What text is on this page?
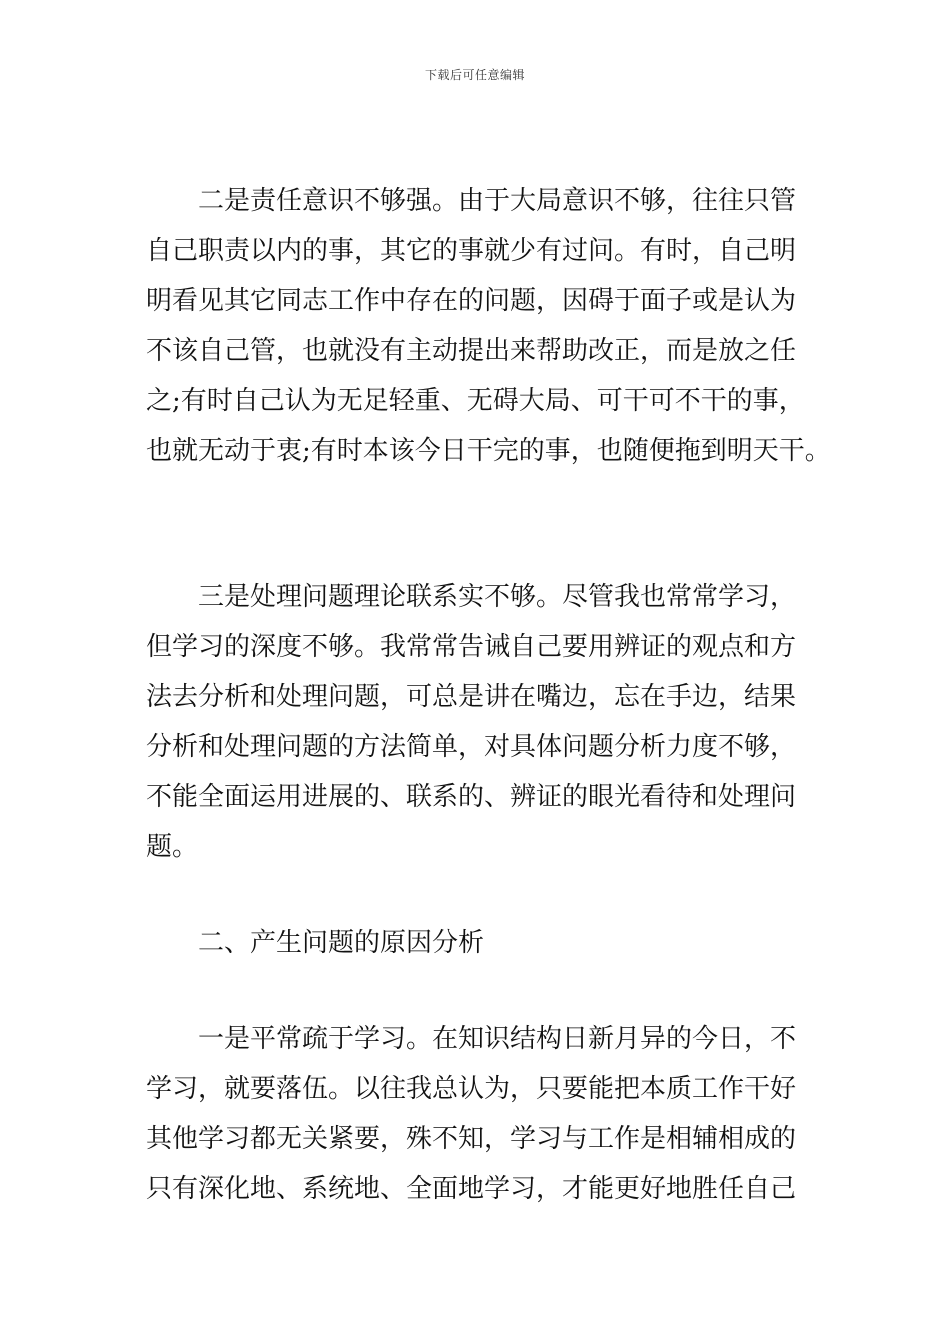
下载后可任意编辑
二是责任意识不够强。由于大局意识不够，往往只管
自己职责以内的事，其它的事就少有过问。有时，自己明
明看见其它同志工作中存在的问题，因碍于面子或是认为
不该自己管，也就没有主动提出来帮助改正，而是放之任
之;有时自己认为无足轻重、无碍大局、可干可不干的事，
也就无动于衷;有时本该今日干完的事，也随便拖到明天干。
三是处理问题理论联系实不够。尽管我也常常学习，
但学习的深度不够。我常常告诫自己要用辨证的观点和方
法去分析和处理问题，可总是讲在嘴边，忘在手边，结果
分析和处理问题的方法简单，对具体问题分析力度不够，
不能全面运用进展的、联系的、辨证的眼光看待和处理问
题。
二、产生问题的原因分析
一是平常疏于学习。在知识结构日新月异的今日，不
学习，就要落伍。以往我总认为，只要能把本质工作干好
其他学习都无关紧要，殊不知，学习与工作是相辅相成的
只有深化地、系统地、全面地学习，才能更好地胜任自己
